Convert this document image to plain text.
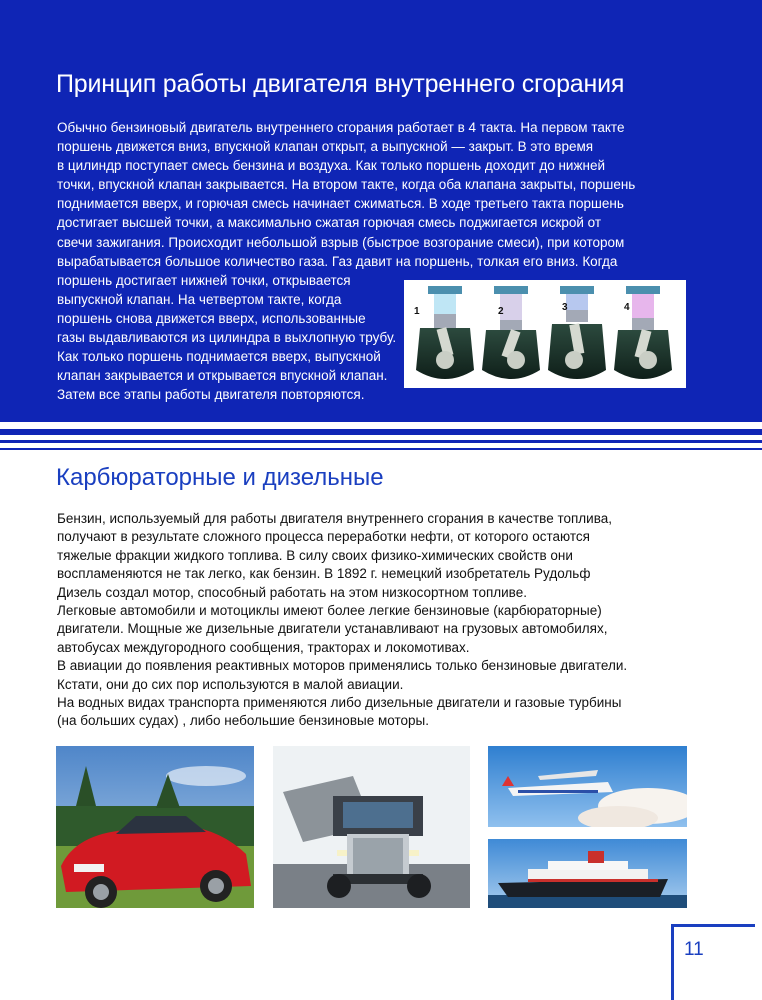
Принцип работы двигателя внутреннего сгорания
Обычно бензиновый двигатель внутреннего сгорания работает в 4 такта. На первом такте
поршень движется вниз, впускной клапан открыт, а выпускной — закрыт. В это время
в цилиндр поступает смесь бензина и воздуха. Как только поршень доходит до нижней
точки, впускной клапан закрывается. На втором такте, когда оба клапана закрыты, поршень
поднимается вверх, и горючая смесь начинает сжиматься. В ходе третьего такта поршень
достигает высшей точки, а максимально сжатая горючая смесь поджигается искрой от
свечи зажигания. Происходит небольшой взрыв (быстрое возгорание смеси), при котором
вырабатывается большое количество газа. Газ давит на поршень, толкая его вниз. Когда
поршень достигает нижней точки, открывается
выпускной клапан. На четвертом такте, когда
поршень снова движется вверх, использованные
газы выдавливаются из цилиндра в выхлопную трубу.
Как только поршень поднимается вверх, выпускной
клапан закрывается и открывается впускной клапан.
Затем все этапы работы двигателя повторяются.
1	2	3	4
Карбюраторные и дизельные
Бензин, используемый для работы двигателя внутреннего сгорания в качестве топлива,
получают в результате сложного процесса переработки нефти, от которого остаются
тяжелые фракции жидкого топлива. В силу своих физико-химических свойств они
воспламеняются не так легко, как бензин. В 1892 г. немецкий изобретатель Рудольф
Дизель создал мотор, способный работать на этом низкосортном топливе.
Легковые автомобили и мотоциклы имеют более легкие бензиновые (карбюраторные)
двигатели. Мощные же дизельные двигатели устанавливают на грузовых автомобилях,
автобусах междугородного сообщения, тракторах и локомотивах.
В авиации до появления реактивных моторов применялись только бензиновые двигатели.
Кстати, они до сих пор используются в малой авиации.
На водных видах транспорта применяются либо дизельные двигатели и газовые турбины
(на больших судах) , либо небольшие бензиновые моторы.
11
